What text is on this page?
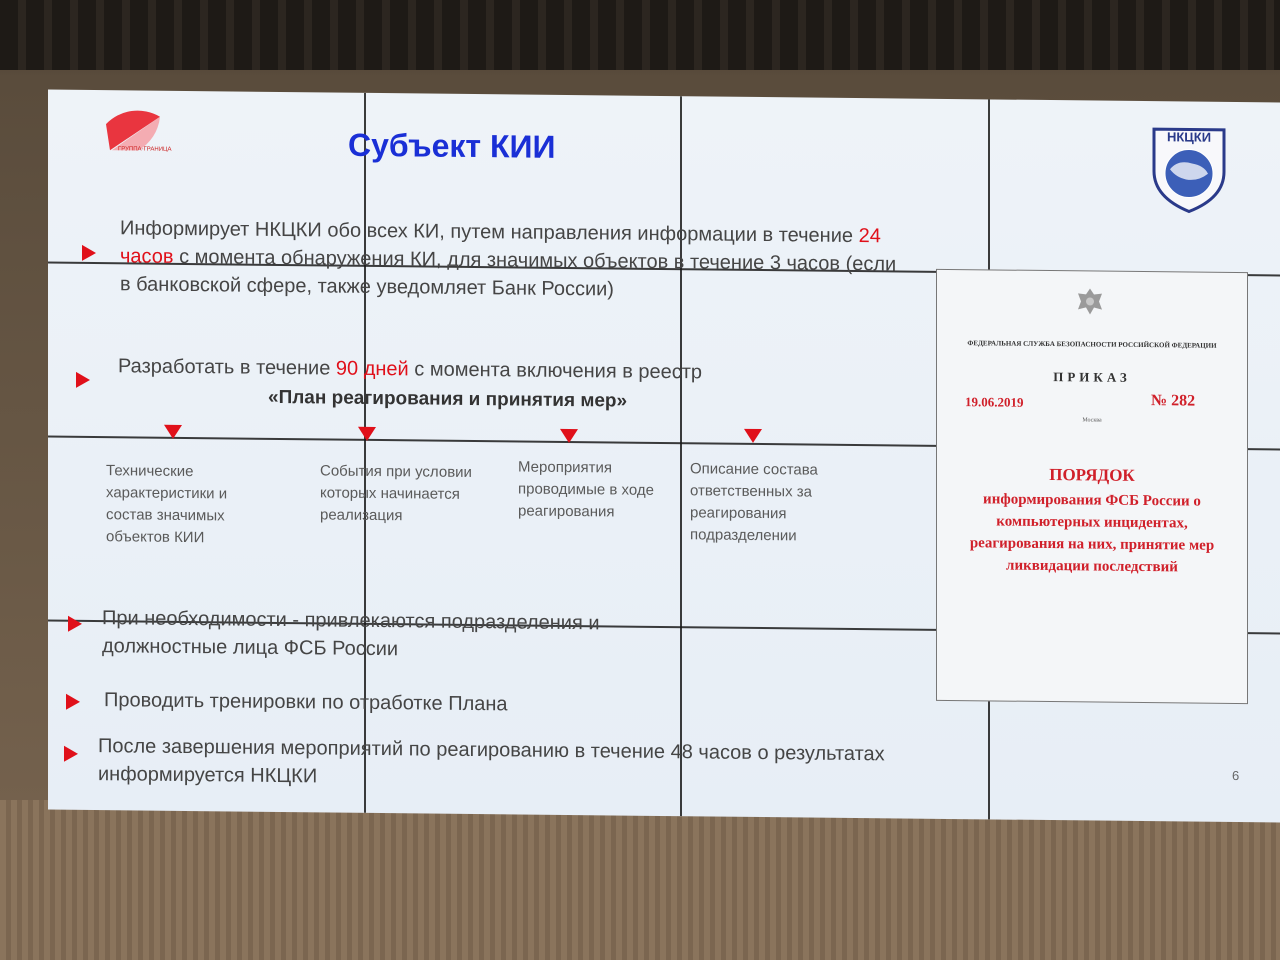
ГРУППА-ГРАНИЦА	Субъект КИИ	НКЦКИ
Информирует НКЦКИ обо всех КИ, путем направления информации в течение 24 часов с момента обнаружения КИ, для значимых объектов в течение 3 часов (если в банковской сфере, также уведомляет Банк России)
Разработать в течение 90 дней с момента включения в реестр
«План реагирования и принятия мер»
Технические характеристики и состав значимых объектов КИИ
События при условии которых начинается реализация
Мероприятия проводимые в ходе реагирования
Описание состава ответственных за реагирования подразделении
При необходимости - привлекаются подразделения и должностные лица ФСБ России
Проводить тренировки по отработке Плана
После завершения мероприятий по реагированию в течение 48 часов о результатах информируется НКЦКИ
ФЕДЕРАЛЬНАЯ СЛУЖБА БЕЗОПАСНОСТИ РОССИЙСКОЙ ФЕДЕРАЦИИ
ПРИКАЗ
19.06.2019	№ 282
Москва
ПОРЯДОК
информирования ФСБ России о компьютерных инцидентах, реагирования на них, принятие мер ликвидации последствий
6
